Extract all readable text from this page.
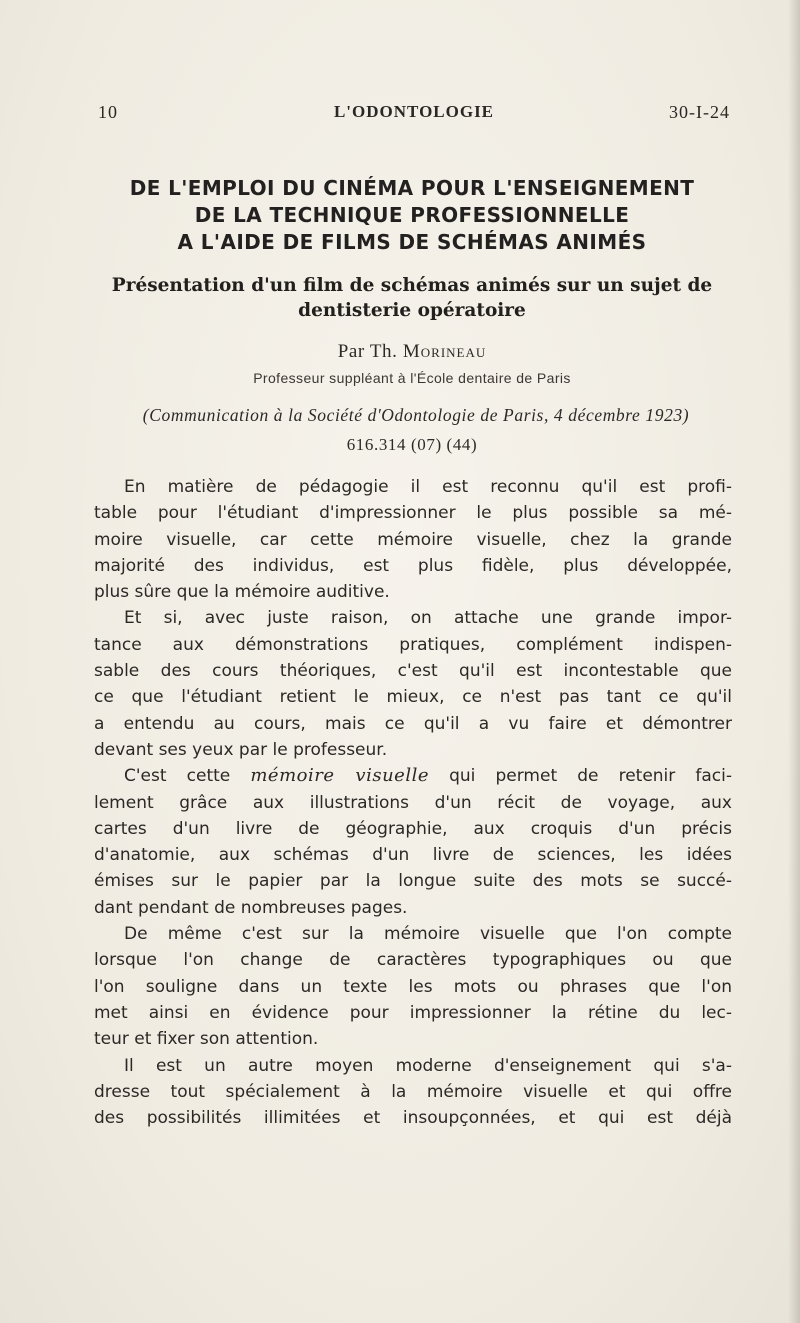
10	L'ODONTOLOGIE	30-I-24
DE L'EMPLOI DU CINÉMA POUR L'ENSEIGNEMENT
DE LA TECHNIQUE PROFESSIONNELLE
A L'AIDE DE FILMS DE SCHÉMAS ANIMÉS
Présentation d'un film de schémas animés sur un sujet de
dentisterie opératoire
Par Th. Morineau
Professeur suppléant à l'École dentaire de Paris
(Communication à la Société d'Odontologie de Paris, 4 décembre 1923)
616.314 (07) (44)
En matière de pédagogie il est reconnu qu'il est profi-
table pour l'étudiant d'impressionner le plus possible sa mé-
moire visuelle, car cette mémoire visuelle, chez la grande
majorité des individus, est plus fidèle, plus développée,
plus sûre que la mémoire auditive.
Et si, avec juste raison, on attache une grande impor-
tance aux démonstrations pratiques, complément indispen-
sable des cours théoriques, c'est qu'il est incontestable que
ce que l'étudiant retient le mieux, ce n'est pas tant ce qu'il
a entendu au cours, mais ce qu'il a vu faire et démontrer
devant ses yeux par le professeur.
C'est cette mémoire visuelle qui permet de retenir faci-
lement grâce aux illustrations d'un récit de voyage, aux
cartes d'un livre de géographie, aux croquis d'un précis
d'anatomie, aux schémas d'un livre de sciences, les idées
émises sur le papier par la longue suite des mots se succé-
dant pendant de nombreuses pages.
De même c'est sur la mémoire visuelle que l'on compte
lorsque l'on change de caractères typographiques ou que
l'on souligne dans un texte les mots ou phrases que l'on
met ainsi en évidence pour impressionner la rétine du lec-
teur et fixer son attention.
Il est un autre moyen moderne d'enseignement qui s'a-
dresse tout spécialement à la mémoire visuelle et qui offre
des possibilités illimitées et insoupçonnées, et qui est déjà
